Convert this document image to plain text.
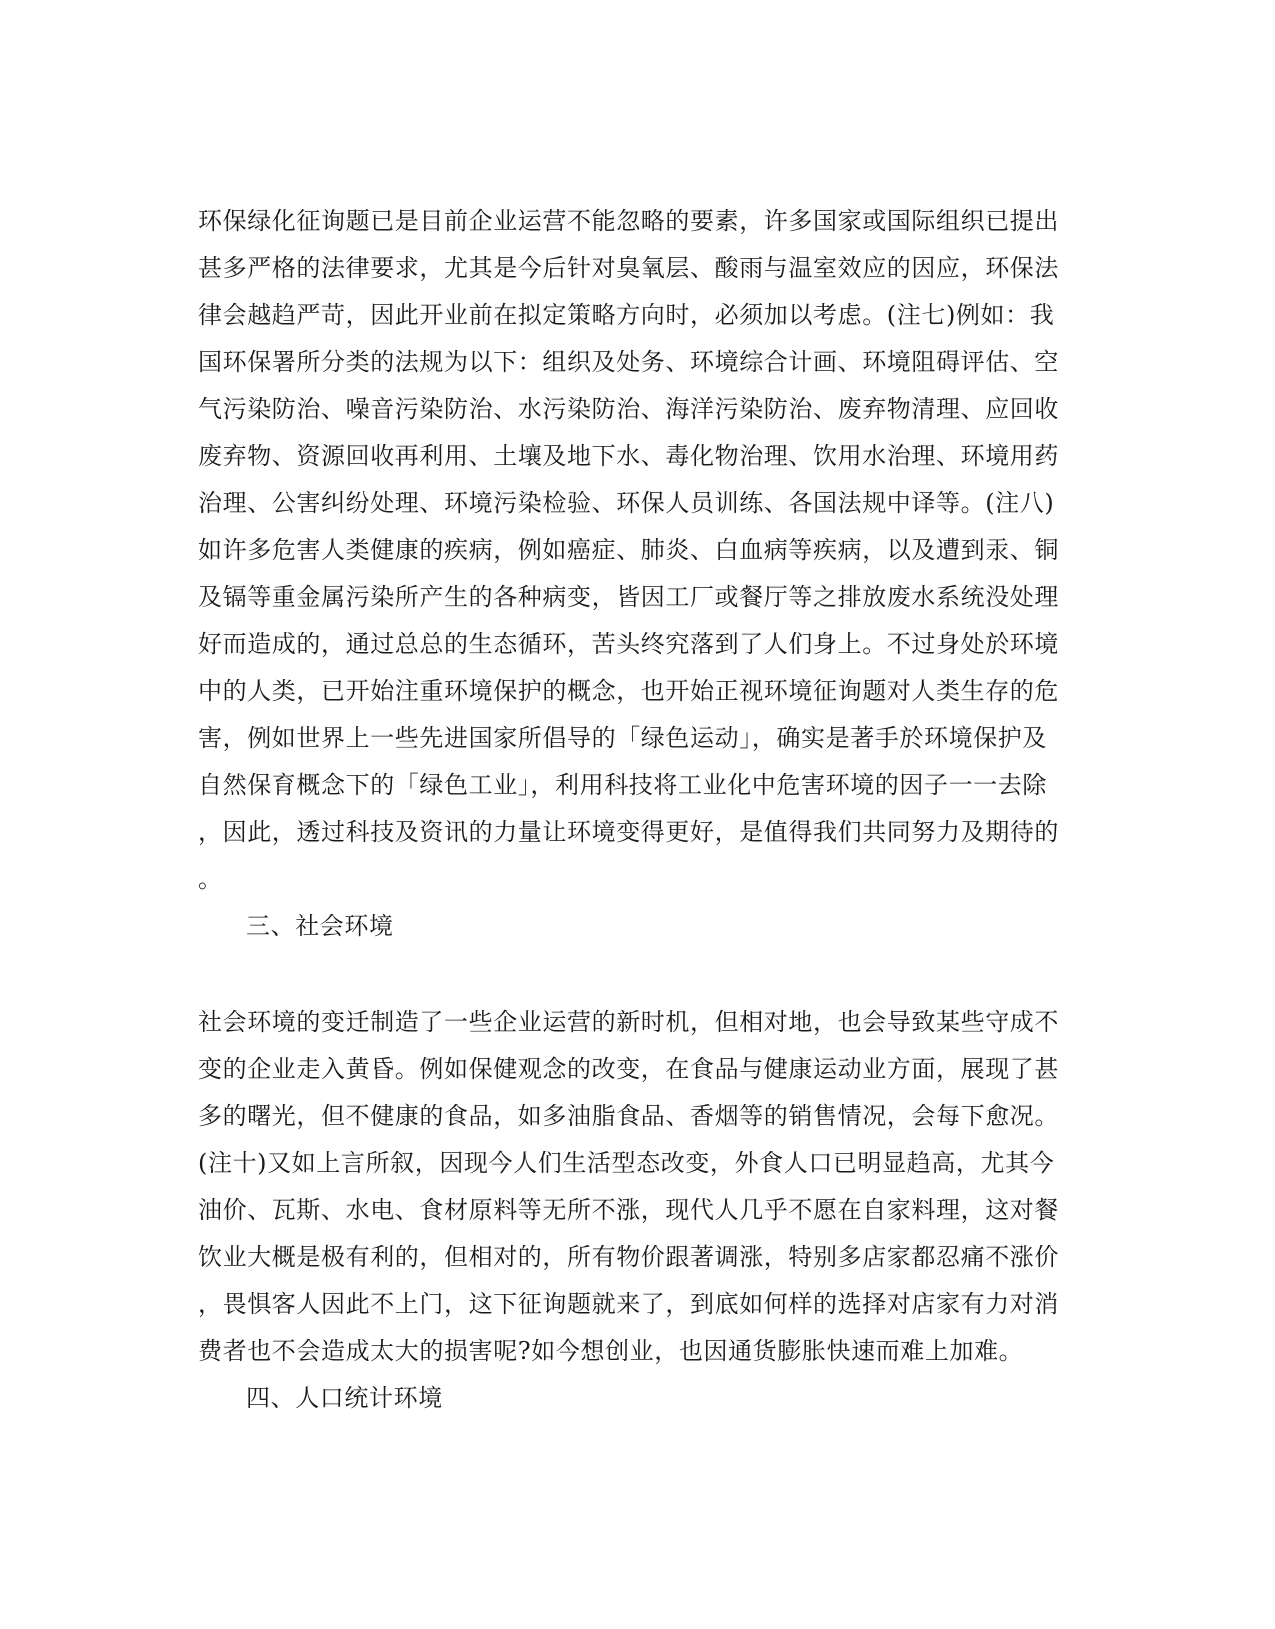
环保绿化征询题已是目前企业运营不能忽略的要素，许多国家或国际组织已提出
甚多严格的法律要求，尤其是今后针对臭氧层、酸雨与温室效应的因应，环保法
律会越趋严苛，因此开业前在拟定策略方向时，必须加以考虑。(注七)例如：我
国环保署所分类的法规为以下：组织及处务、环境综合计画、环境阻碍评估、空
气污染防治、噪音污染防治、水污染防治、海洋污染防治、废弃物清理、应回收
废弃物、资源回收再利用、土壤及地下水、毒化物治理、饮用水治理、环境用药
治理、公害纠纷处理、环境污染检验、环保人员训练、各国法规中译等。(注八)
如许多危害人类健康的疾病，例如癌症、肺炎、白血病等疾病，以及遭到汞、铜
及镉等重金属污染所产生的各种病变，皆因工厂或餐厅等之排放废水系统没处理
好而造成的，通过总总的生态循环，苦头终究落到了人们身上。不过身处於环境
中的人类，已开始注重环境保护的概念，也开始正视环境征询题对人类生存的危
害，例如世界上一些先进国家所倡导的「绿色运动」，确实是著手於环境保护及
自然保育概念下的「绿色工业」，利用科技将工业化中危害环境的因子一一去除
，因此，透过科技及资讯的力量让环境变得更好，是值得我们共同努力及期待的
。
三、社会环境
社会环境的变迁制造了一些企业运营的新时机，但相对地，也会导致某些守成不
变的企业走入黄昏。例如保健观念的改变，在食品与健康运动业方面，展现了甚
多的曙光，但不健康的食品，如多油脂食品、香烟等的销售情况，会每下愈况。
(注十)又如上言所叙，因现今人们生活型态改变，外食人口已明显趋高，尤其今
油价、瓦斯、水电、食材原料等无所不涨，现代人几乎不愿在自家料理，这对餐
饮业大概是极有利的，但相对的，所有物价跟著调涨，特别多店家都忍痛不涨价
，畏惧客人因此不上门，这下征询题就来了，到底如何样的选择对店家有力对消
费者也不会造成太大的损害呢?如今想创业，也因通货膨胀快速而难上加难。
四、人口统计环境
